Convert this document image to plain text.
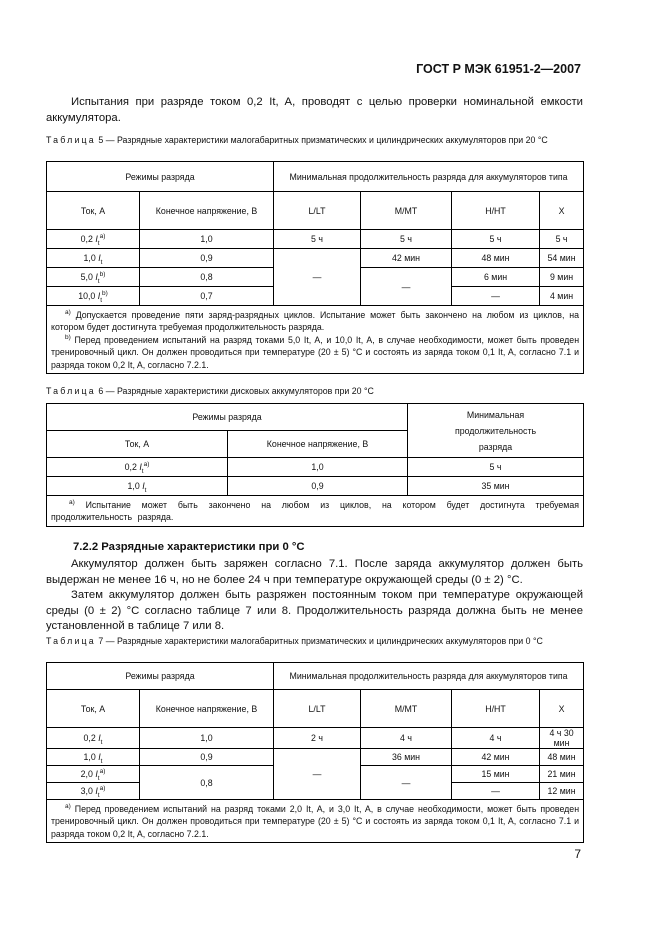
ГОСТ Р МЭК 61951-2—2007
Испытания при разряде током 0,2 It, A, проводят с целью проверки номинальной емкости аккумулятора.
Таблица 5 — Разрядные характеристики малогабаритных призматических и цилиндрических аккумуляторов при 20 °C
Режимы разряда		Минимальная продолжительность разряда для аккумуляторов типа			
Ток, A	Конечное напряжение, В	L/LT	M/MT	H/HT	X
0,2 $I_t^{a)}$	1,0	5 ч	5 ч	5 ч	5 ч
1,0 $I_t$	0,9	—	42 мин	48 мин	54 мин
5,0 $I_t^{b)}$	0,8		—	6 мин	9 мин
10,0 $I_t^{b)}$	0,7			—	4 мин

$^{а)}$ Допускается проведение пяти заряд-разрядных циклов. Испытание может быть закончено на любом из циклов, на котором будет достигнута требуемая продолжительность разряда.
$^{b)}$ Перед проведением испытаний на разряд токами 5,0 It, A, и 10,0 It, A, в случае необходимости, может быть проведен тренировочный цикл. Он должен проводиться при температуре (20 ± 5) °C и состоять из заряда током 0,1 It, A, согласно 7.1 и разряда током 0,2 It, A, согласно 7.2.1.					
Таблица 6 — Разрядные характеристики дисковых аккумуляторов при 20 °C
Режимы разряда		Минимальная продолжительность разряда
Ток, A	Конечное напряжение, В	
0,2 $I_t^{a)}$	1,0	5 ч
1,0 $I_t$	0,9	35 мин

$^{а)}$ Испытание может быть закончено на любом из циклов, на котором будет достигнута требуемая продолжительность разряда.		
7.2.2 Разрядные характеристики при 0 °C
Аккумулятор должен быть заряжен согласно 7.1. После заряда аккумулятор должен быть выдержан не менее 16 ч, но не более 24 ч при температуре окружающей среды (0 ± 2) °C.
Затем аккумулятор должен быть разряжен постоянным током при температуре окружающей среды (0 ± 2) °C согласно таблице 7 или 8. Продолжительность разряда должна быть не менее установленной в таблице 7 или 8.
Таблица 7 — Разрядные характеристики малогабаритных призматических и цилиндрических аккумуляторов при 0 °C
Режимы разряда		Минимальная продолжительность разряда для аккумуляторов типа			
Ток, A	Конечное напряжение, В	L/LT	M/MT	H/HT	X
0,2 $I_t$	1,0	2 ч	4 ч	4 ч	4 ч 30 мин
1,0 $I_t$	0,9	—	36 мин	42 мин	48 мин
2,0 $I_t^{a)}$	0,8		—	15 мин	21 мин
3,0 $I_t^{a)}$				—	12 мин

$^{а)}$ Перед проведением испытаний на разряд токами 2,0 It, A, и 3,0 It, A, в случае необходимости, может быть проведен тренировочный цикл. Он должен проводиться при температуре (20 ± 5) °C и состоять из заряда током 0,1 It, A, согласно 7.1 и разряда током 0,2 It, A, согласно 7.2.1.					
7
